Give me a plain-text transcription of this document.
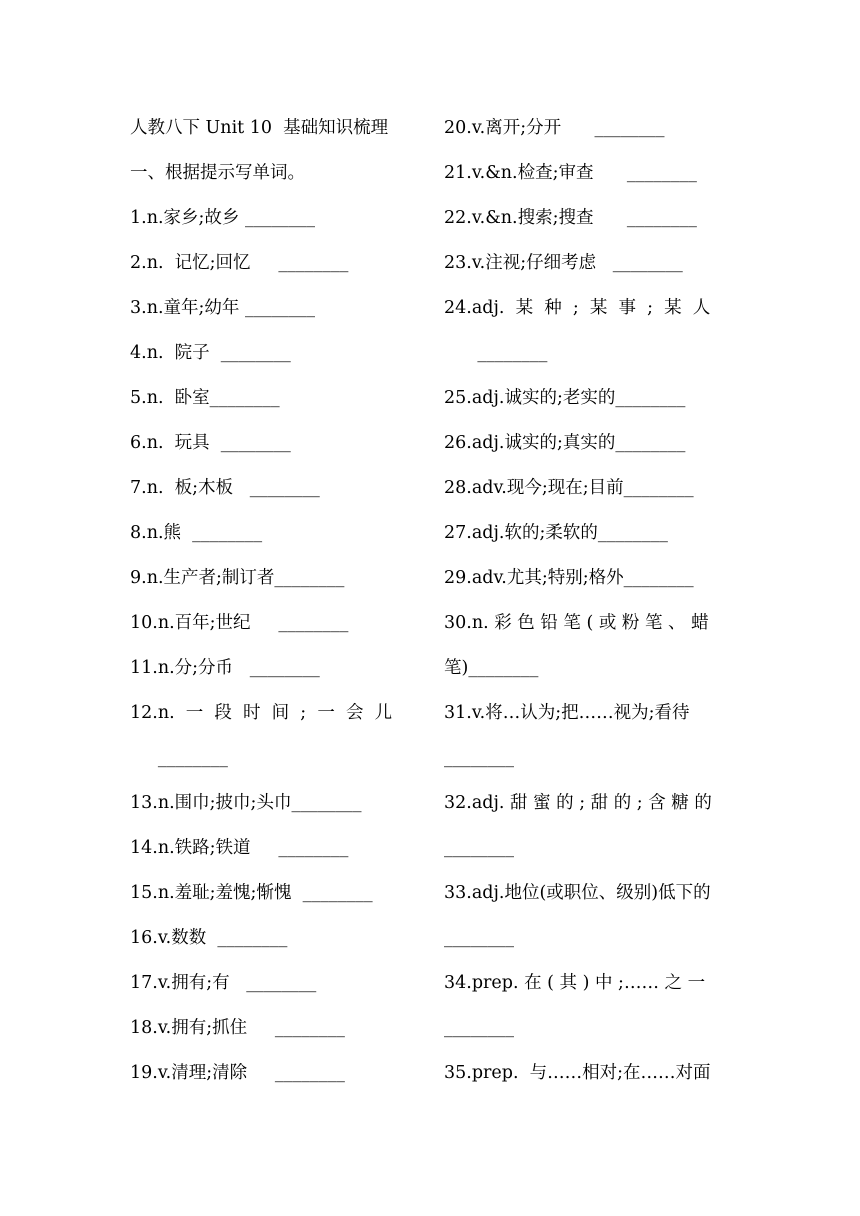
人教八下 Unit 10  基础知识梳理
一、根据提示写单词。
1.n.家乡;故乡 ________
2.n.  记忆;回忆     ________
3.n.童年;幼年 ________
4.n.  院子  ________
5.n.  卧室________
6.n.  玩具  ________
7.n.  板;木板   ________
8.n.熊  ________
9.n.生产者;制订者________
10.n.百年;世纪     ________
11.n.分;分币   ________
12.n.  一  段  时  间  ;  一  会  儿
________
13.n.围巾;披巾;头巾________
14.n.铁路;铁道     ________
15.n.羞耻;羞愧;惭愧  ________
16.v.数数  ________
17.v.拥有;有   ________
18.v.拥有;抓住     ________
19.v.清理;清除     ________
20.v.离开;分开      ________
21.v.&n.检查;审查      ________
22.v.&n.搜索;搜查      ________
23.v.注视;仔细考虑   ________
24.adj.  某  种  ;  某  事  ;  某  人
________
25.adj.诚实的;老实的________
26.adj.诚实的;真实的________
28.adv.现今;现在;目前________
27.adj.软的;柔软的________
29.adv.尤其;特别;格外________
30.n. 彩 色 铅 笔 ( 或 粉 笔 、 蜡
笔)________
31.v.将…认为;把……视为;看待
________
32.adj. 甜 蜜 的 ; 甜 的 ; 含 糖 的
________
33.adj.地位(或职位、级别)低下的
________
34.prep. 在 ( 其 ) 中 ;…… 之 一
________
35.prep.  与……相对;在……对面
